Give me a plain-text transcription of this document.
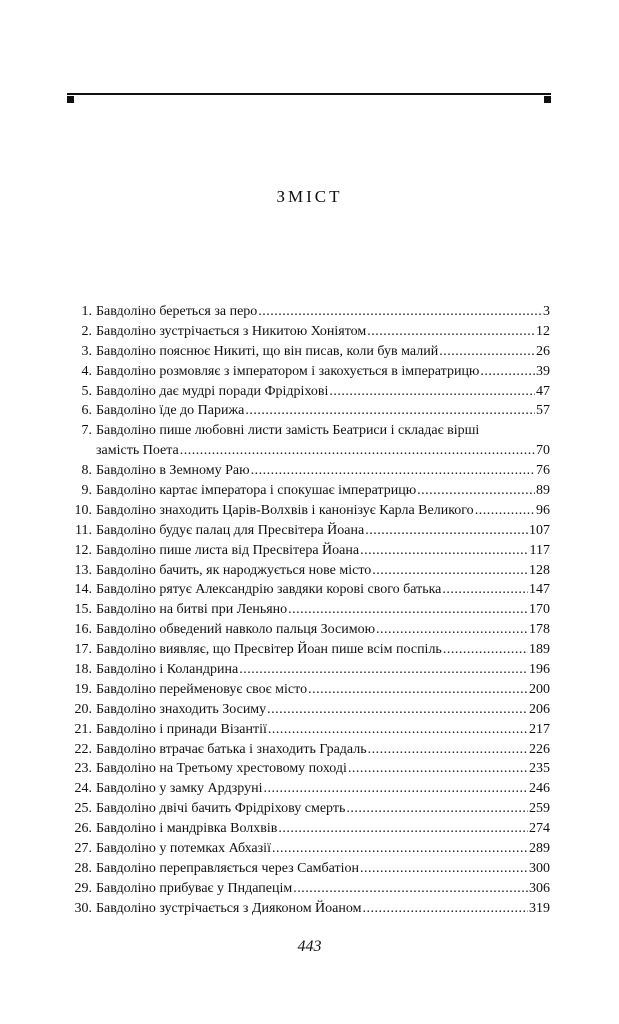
ЗМІСТ
1. Бавдоліно береться за перо .....	3
2. Бавдоліно зустрічається з Никитою Хоніятом .....	12
3. Бавдоліно пояснює Никиті, що він писав, коли був малий .....	26
4. Бавдоліно розмовляє з імператором і закохується в імператрицю .....	39
5. Бавдоліно дає мудрі поради Фрідріхові .....	47
6. Бавдоліно їде до Парижа .....	57
7. Бавдоліно пише любовні листи замість Беатриси і складає вірші
замість Поета .....	70
8. Бавдоліно в Земному Раю .....	76
9. Бавдоліно картає імператора і спокушає імператрицю .....	89
10. Бавдоліно знаходить Царів-Волхвів і канонізує Карла Великого .....	96
11. Бавдоліно будує палац для Пресвітера Йоана .....	107
12. Бавдоліно пише листа від Пресвітера Йоана .....	117
13. Бавдоліно бачить, як народжується нове місто .....	128
14. Бавдоліно рятує Александрію завдяки корові свого батька .....	147
15. Бавдоліно на битві при Леньяно .....	170
16. Бавдоліно обведений навколо пальця Зосимою .....	178
17. Бавдоліно виявляє, що Пресвітер Йоан пише всім поспіль .....	189
18. Бавдоліно і Коландрина .....	196
19. Бавдоліно перейменовує своє місто .....	200
20. Бавдоліно знаходить Зосиму .....	206
21. Бавдоліно і принади Візантії .....	217
22. Бавдоліно втрачає батька і знаходить Градаль .....	226
23. Бавдоліно на Третьому хрестовому поході .....	235
24. Бавдоліно у замку Ардзруні .....	246
25. Бавдоліно двічі бачить Фрідріхову смерть .....	259
26. Бавдоліно і мандрівка Волхвів .....	274
27. Бавдоліно у потемках Абхазії .....	289
28. Бавдоліно переправляється через Самбатіон .....	300
29. Бавдоліно прибуває у Пндапецім .....	306
30. Бавдоліно зустрічається з Дияконом Йоаном .....	319
443
